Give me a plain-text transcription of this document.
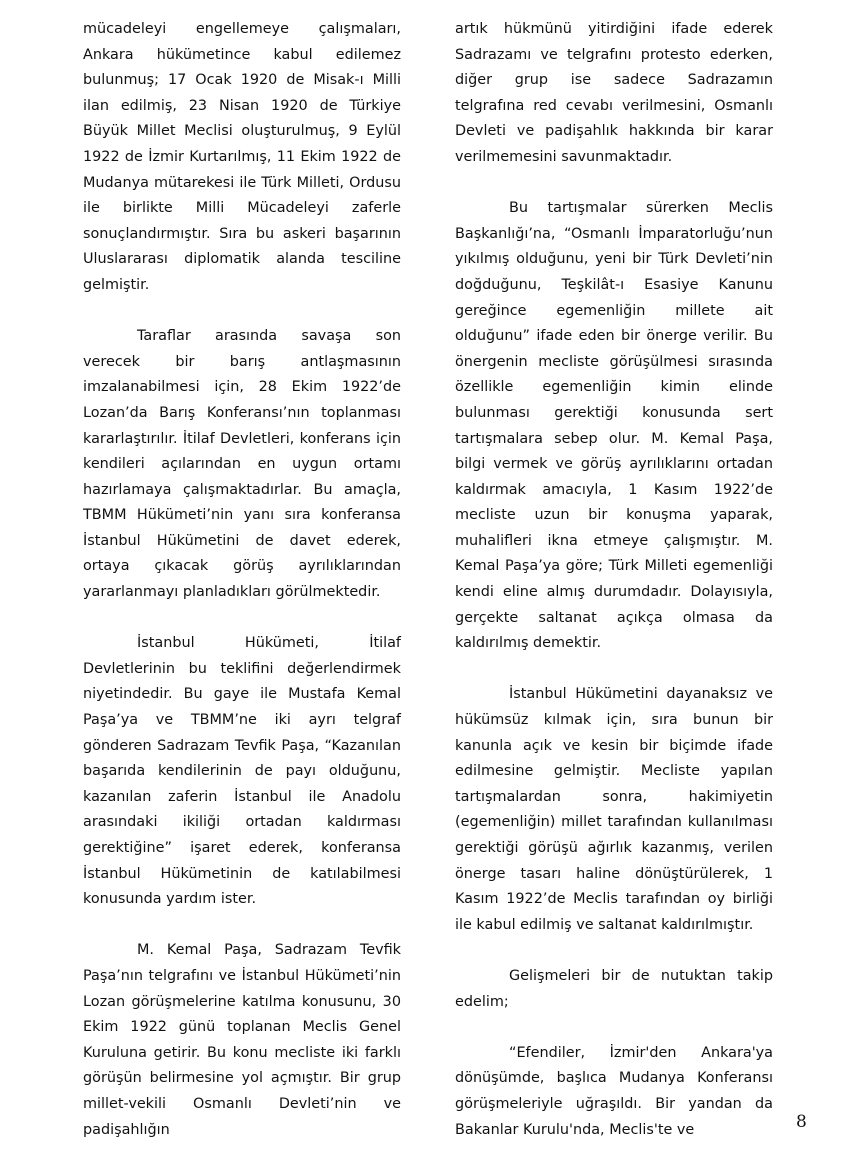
mücadeleyi engellemeye çalışmaları, Ankara hükümetince kabul edilemez bulunmuş; 17 Ocak 1920 de Misak-ı Milli ilan edilmiş, 23 Nisan 1920 de Türkiye Büyük Millet Meclisi oluşturulmuş, 9 Eylül 1922 de İzmir Kurtarılmış, 11 Ekim 1922 de Mudanya mütarekesi ile Türk Milleti, Ordusu ile birlikte Milli Mücadeleyi zaferle sonuçlandırmıştır. Sıra bu askeri başarının Uluslararası diplomatik alanda tesciline gelmiştir.

Taraflar arasında savaşa son verecek bir barış antlaşmasının imzalanabilmesi için, 28 Ekim 1922’de Lozan’da Barış Konferansı’nın toplanması kararlaştırılır. İtilaf Devletleri, konferans için kendileri açılarından en uygun ortamı hazırlamaya çalışmaktadırlar. Bu amaçla, TBMM Hükümeti’nin yanı sıra konferansa İstanbul Hükümetini de davet ederek, ortaya çıkacak görüş ayrılıklarından yararlanmayı planladıkları görülmektedir.

İstanbul Hükümeti, İtilaf Devletlerinin bu teklifini değerlendirmek niyetindedir. Bu gaye ile Mustafa Kemal Paşa’ya ve TBMM’ne iki ayrı telgraf gönderen Sadrazam Tevfik Paşa, “Kazanılan başarıda kendilerinin de payı olduğunu, kazanılan zaferin İstanbul ile Anadolu arasındaki ikiliği ortadan kaldırması gerektiğine” işaret ederek, konferansa İstanbul Hükümetinin de katılabilmesi konusunda yardım ister.

M. Kemal Paşa, Sadrazam Tevfik Paşa’nın telgrafını ve İstanbul Hükümeti’nin Lozan görüşmelerine katılma konusunu, 30 Ekim 1922 günü toplanan Meclis Genel Kuruluna getirir. Bu konu mecliste iki farklı görüşün belirmesine yol açmıştır. Bir grup millet-vekili Osmanlı Devleti’nin ve padişahlığın

artık hükmünü yitirdiğini ifade ederek Sadrazamı ve telgrafını protesto ederken, diğer grup ise sadece Sadrazamın telgrafına red cevabı verilmesini, Osmanlı Devleti ve padişahlık hakkında bir karar verilmemesini savunmaktadır.

Bu tartışmalar sürerken Meclis Başkanlığı’na, “Osmanlı İmparatorluğu’nun yıkılmış olduğunu, yeni bir Türk Devleti’nin doğduğunu, Teşkilât-ı Esasiye Kanunu gereğince egemenliğin millete ait olduğunu” ifade eden bir önerge verilir. Bu önergenin mecliste görüşülmesi sırasında özellikle egemenliğin kimin elinde bulunması gerektiği konusunda sert tartışmalara sebep olur. M. Kemal Paşa, bilgi vermek ve görüş ayrılıklarını ortadan kaldırmak amacıyla, 1 Kasım 1922’de mecliste uzun bir konuşma yaparak, muhalifleri ikna etmeye çalışmıştır. M. Kemal Paşa’ya göre; Türk Milleti egemenliği kendi eline almış durumdadır. Dolayısıyla, gerçekte saltanat açıkça olmasa da kaldırılmış demektir.

İstanbul Hükümetini dayanaksız ve hükümsüz kılmak için, sıra bunun bir kanunla açık ve kesin bir biçimde ifade edilmesine gelmiştir. Mecliste yapılan tartışmalardan sonra, hakimiyetin (egemenliğin) millet tarafından kullanılması gerektiği görüşü ağırlık kazanmış, verilen önerge tasarı haline dönüştürülerek, 1 Kasım 1922’de Meclis tarafından oy birliği ile kabul edilmiş ve saltanat kaldırılmıştır.

Gelişmeleri bir de nutuktan takip edelim;

“Efendiler, İzmir'den Ankara'ya dönüşümde, başlıca Mudanya Konferansı görüşmeleriyle uğraşıldı. Bir yandan da Bakanlar Kurulu'nda, Meclis'te ve	8
